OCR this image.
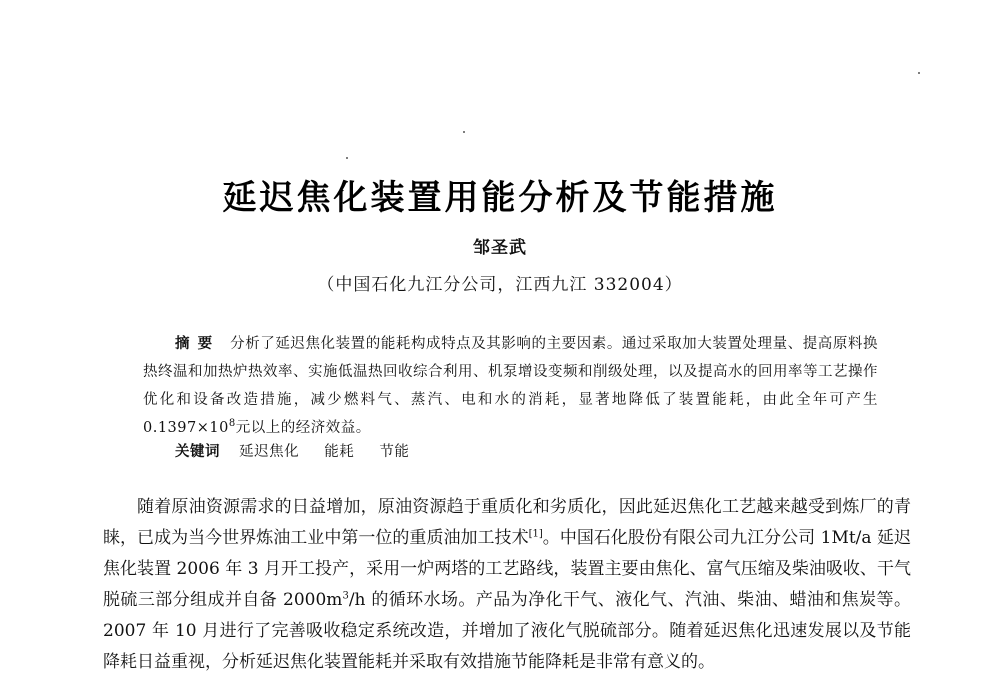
延迟焦化装置用能分析及节能措施
邹圣武
（中国石化九江分公司，江西九江 332004）
摘要 分析了延迟焦化装置的能耗构成特点及其影响的主要因素。通过采取加大装置处理量、提高原料换热终温和加热炉热效率、实施低温热回收综合利用、机泵增设变频和削级处理，以及提高水的回用率等工艺操作优化和设备改造措施，减少燃料气、蒸汽、电和水的消耗，显著地降低了装置能耗，由此全年可产生 $0.1397\times 10^8$元以上的经济效益。
关键词 延迟焦化 能耗 节能

随着原油资源需求的日益增加，原油资源趋于重质化和劣质化，因此延迟焦化工艺越来越受到炼厂的青睐，已成为当今世界炼油工业中第一位的重质油加工技术[1]。中国石化股份有限公司九江分公司 1Mt/a 延迟焦化装置 2006 年 3 月开工投产，采用一炉两塔的工艺路线，装置主要由焦化、富气压缩及柴油吸收、干气脱硫三部分组成并自备 $2000m^3/h$ 的循环水场。产品为净化干气、液化气、汽油、柴油、蜡油和焦炭等。2007 年 10 月进行了完善吸收稳定系统改造，并增加了液化气脱硫部分。随着延迟焦化迅速发展以及节能降耗日益重视，分析延迟焦化装置能耗并采取有效措施节能降耗是非常有意义的。
